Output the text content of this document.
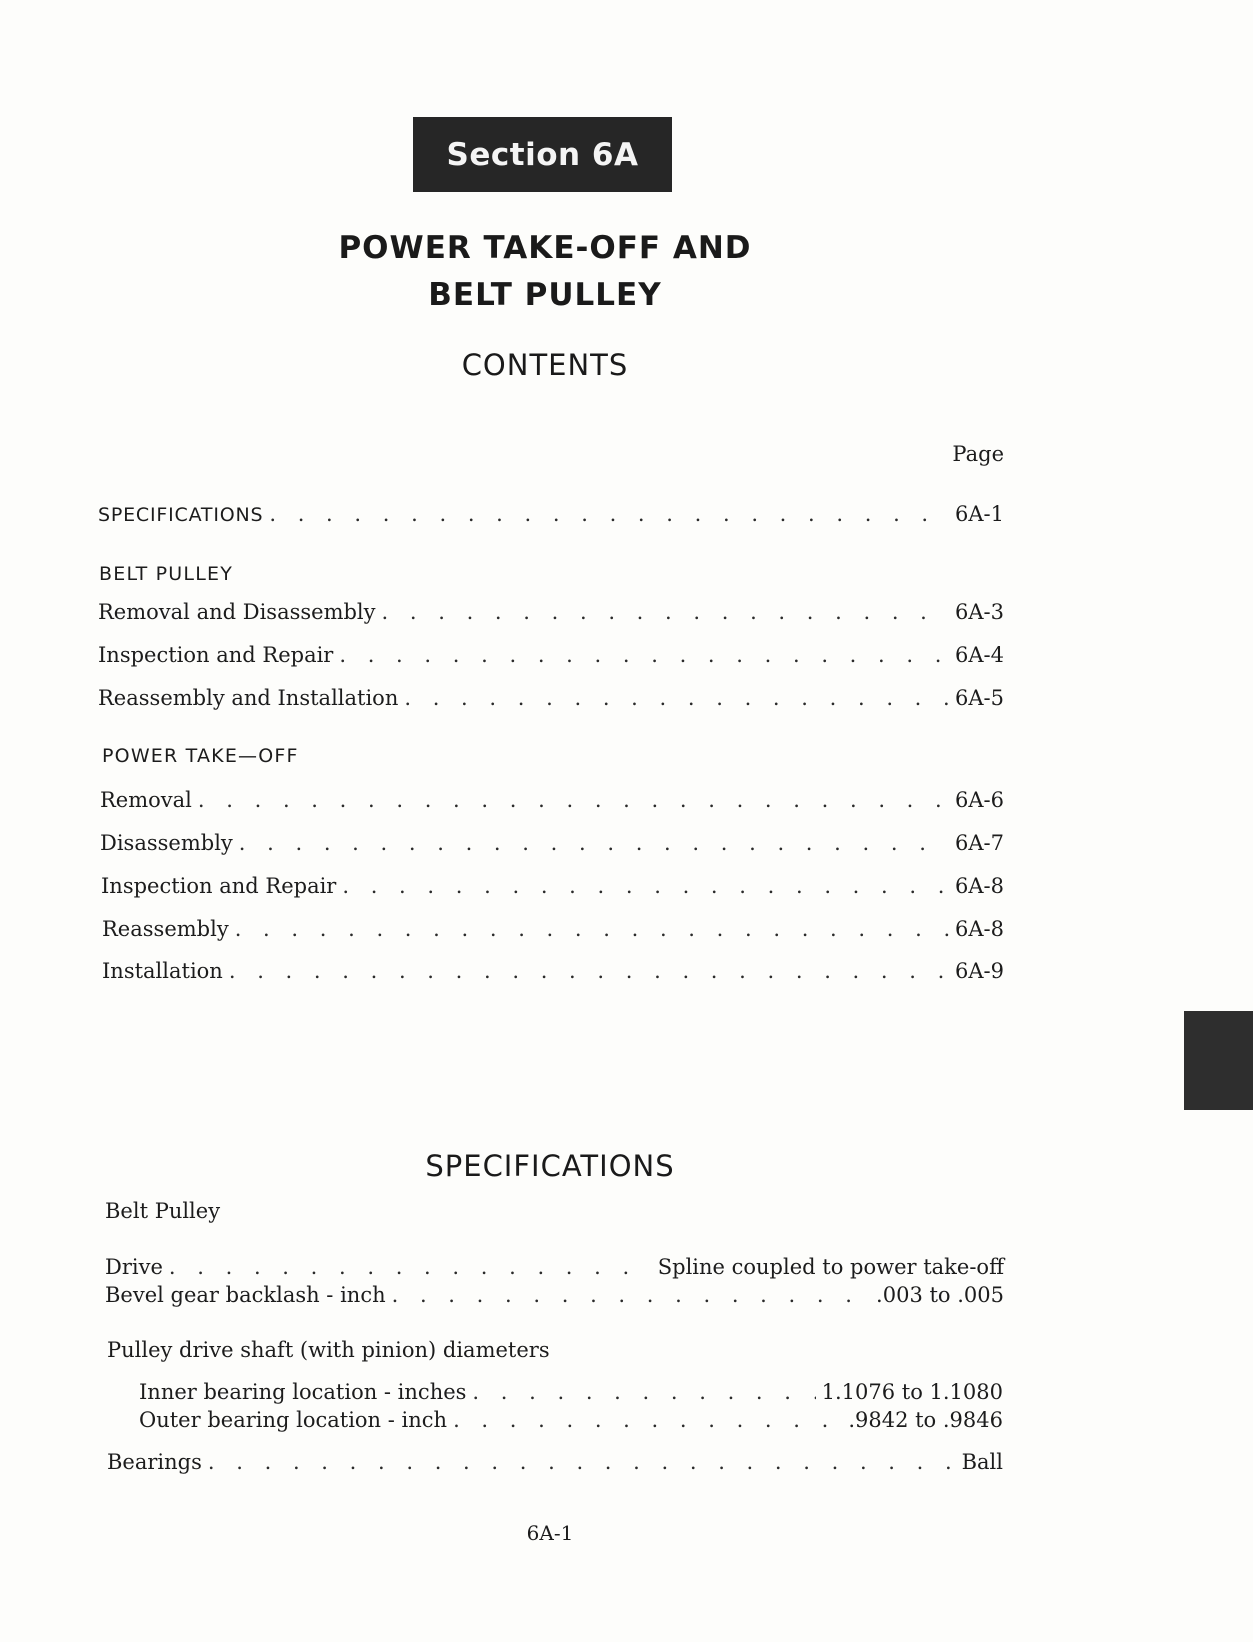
Section 6A
POWER TAKE-OFF AND
BELT PULLEY
CONTENTS
Page
SPECIFICATIONS . . .	6A-1
BELT PULLEY
Removal and Disassembly . . .	6A-3
Inspection and Repair . . .	6A-4
Reassembly and Installation . . .	6A-5
POWER TAKE—OFF
Removal . . .	6A-6
Disassembly . . .	6A-7
Inspection and Repair . . .	6A-8
Reassembly . . .	6A-8
Installation . . .	6A-9
SPECIFICATIONS
Belt Pulley
Drive . . .	Spline coupled to power take-off
Bevel gear backlash - inch . . .	.003 to .005
Pulley drive shaft (with pinion) diameters
Inner bearing location - inches . . .	1.1076 to 1.1080
Outer bearing location - inch . . .	.9842 to .9846
Bearings . . .	Ball
6A-1
